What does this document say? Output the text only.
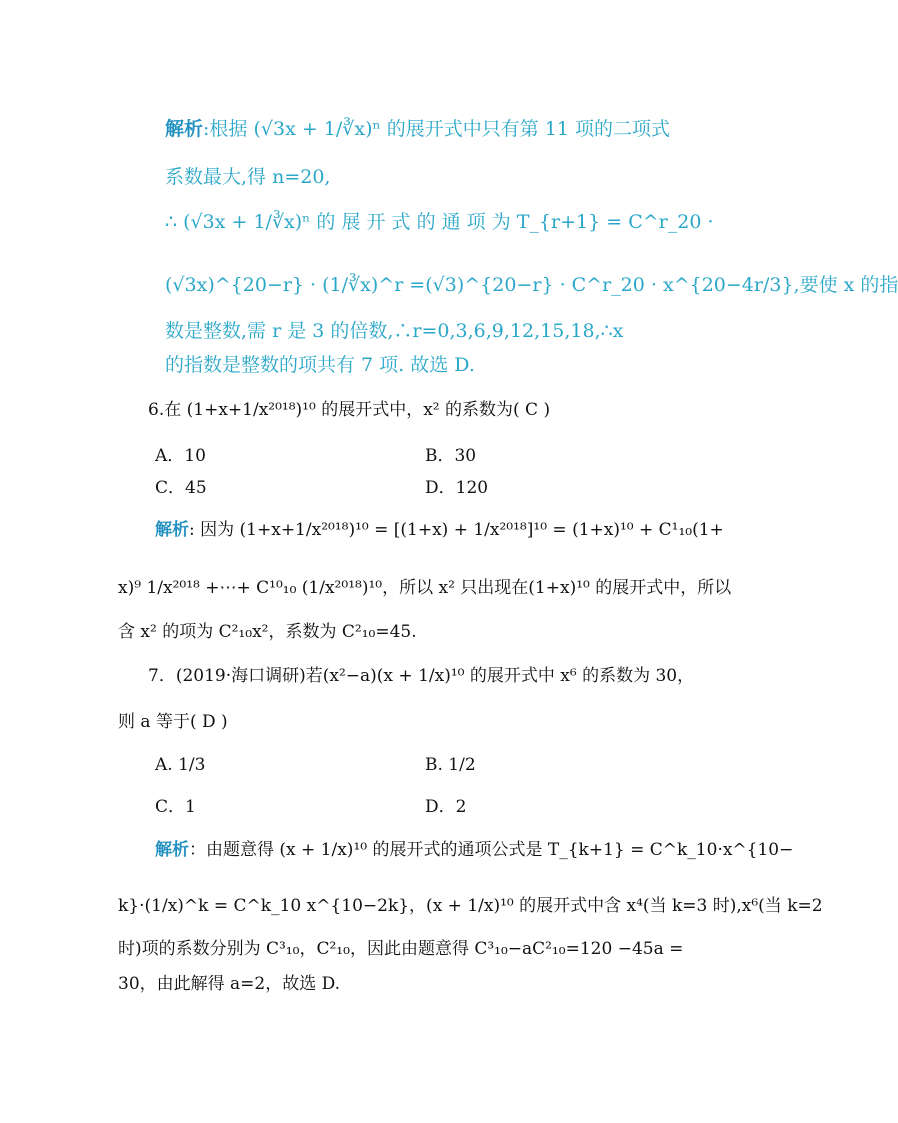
解析:根据 (√3x + 1/∛x)ⁿ 的展开式中只有第 11 项的二项式
系数最大,得 n=20,
∴ (√3x + 1/∛x)ⁿ 的 展 开 式 的 通 项 为 T_{r+1} = C^r_20 ·
(√3x)^{20−r} · (1/∛x)^r =(√3)^{20−r} · C^r_20 · x^{20−4r/3},要使 x 的指
数是整数,需 r 是 3 的倍数,∴r=0,3,6,9,12,15,18,∴x
的指数是整数的项共有 7 项. 故选 D.
6.在 (1+x+1/x²⁰¹⁸)¹⁰ 的展开式中，x² 的系数为( C )
A．10	B．30
C．45	D．120
解析: 因为 (1+x+1/x²⁰¹⁸)¹⁰ = [(1+x) + 1/x²⁰¹⁸]¹⁰ = (1+x)¹⁰ + C¹₁₀(1+
x)⁹ 1/x²⁰¹⁸ +⋯+ C¹⁰₁₀ (1/x²⁰¹⁸)¹⁰，所以 x² 只出现在(1+x)¹⁰ 的展开式中，所以
含 x² 的项为 C²₁₀x²，系数为 C²₁₀=45.
7．(2019·海口调研)若(x²−a)(x + 1/x)¹⁰ 的展开式中 x⁶ 的系数为 30，
则 a 等于( D )
A. 1/3	B. 1/2
C．1	D．2
解析：由题意得 (x + 1/x)¹⁰ 的展开式的通项公式是 T_{k+1} = C^k_10·x^{10−
k}·(1/x)^k = C^k_10 x^{10−2k}，(x + 1/x)¹⁰ 的展开式中含 x⁴(当 k=3 时),x⁶(当 k=2
时)项的系数分别为 C³₁₀，C²₁₀，因此由题意得 C³₁₀−aC²₁₀=120 −45a =
30，由此解得 a=2，故选 D.
